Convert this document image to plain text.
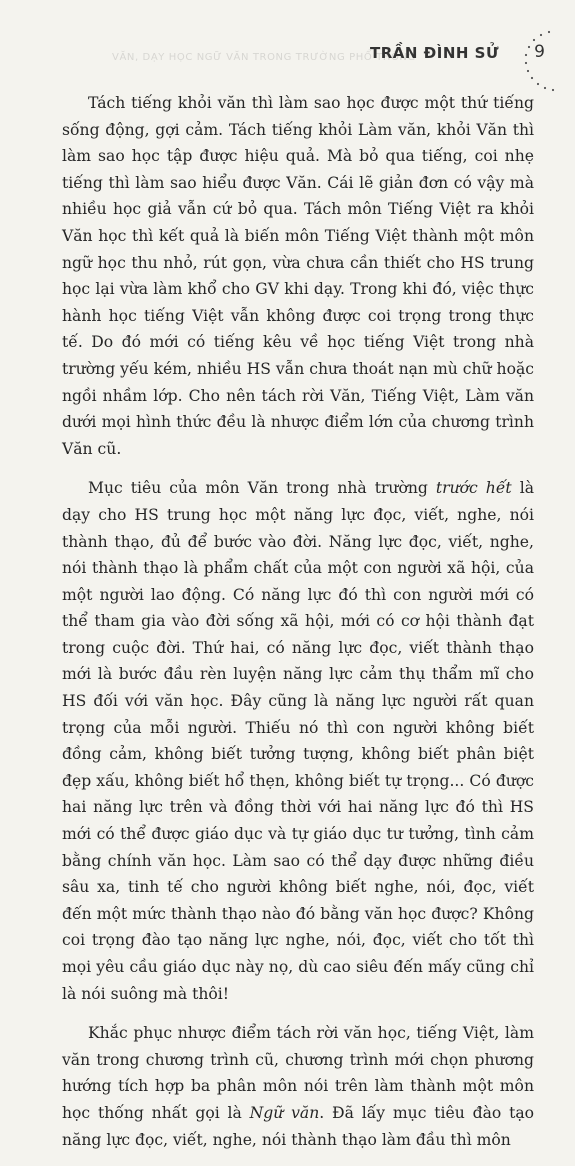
VĂN, DẠY HỌC NGỮ VĂN TRONG TRƯỜNG PHỔ THÔNG
TRẦN ĐÌNH SỬ 9

Tách tiếng khỏi văn thì làm sao học được một thứ tiếng sống động, gợi cảm. Tách tiếng khỏi Làm văn, khỏi Văn thì làm sao học tập được hiệu quả. Mà bỏ qua tiếng, coi nhẹ tiếng thì làm sao hiểu được Văn. Cái lẽ giản đơn có vậy mà nhiều học giả vẫn cứ bỏ qua. Tách môn Tiếng Việt ra khỏi Văn học thì kết quả là biến môn Tiếng Việt thành một môn ngữ học thu nhỏ, rút gọn, vừa chưa cần thiết cho HS trung học lại vừa làm khổ cho GV khi dạy. Trong khi đó, việc thực hành học tiếng Việt vẫn không được coi trọng trong thực tế. Do đó mới có tiếng kêu về học tiếng Việt trong nhà trường yếu kém, nhiều HS vẫn chưa thoát nạn mù chữ hoặc ngồi nhầm lớp. Cho nên tách rời Văn, Tiếng Việt, Làm văn dưới mọi hình thức đều là nhược điểm lớn của chương trình Văn cũ.

Mục tiêu của môn Văn trong nhà trường trước hết là dạy cho HS trung học một năng lực đọc, viết, nghe, nói thành thạo, đủ để bước vào đời. Năng lực đọc, viết, nghe, nói thành thạo là phẩm chất của một con người xã hội, của một người lao động. Có năng lực đó thì con người mới có thể tham gia vào đời sống xã hội, mới có cơ hội thành đạt trong cuộc đời. Thứ hai, có năng lực đọc, viết thành thạo mới là bước đầu rèn luyện năng lực cảm thụ thẩm mĩ cho HS đối với văn học. Đây cũng là năng lực người rất quan trọng của mỗi người. Thiếu nó thì con người không biết đồng cảm, không biết tưởng tượng, không biết phân biệt đẹp xấu, không biết hổ thẹn, không biết tự trọng... Có được hai năng lực trên và đồng thời với hai năng lực đó thì HS mới có thể được giáo dục và tự giáo dục tư tưởng, tình cảm bằng chính văn học. Làm sao có thể dạy được những điều sâu xa, tinh tế cho người không biết nghe, nói, đọc, viết đến một mức thành thạo nào đó bằng văn học được? Không coi trọng đào tạo năng lực nghe, nói, đọc, viết cho tốt thì mọi yêu cầu giáo dục này nọ, dù cao siêu đến mấy cũng chỉ là nói suông mà thôi!

Khắc phục nhược điểm tách rời văn học, tiếng Việt, làm văn trong chương trình cũ, chương trình mới chọn phương hướng tích hợp ba phân môn nói trên làm thành một môn học thống nhất gọi là Ngữ văn. Đã lấy mục tiêu đào tạo năng lực đọc, viết, nghe, nói thành thạo làm đầu thì môn
